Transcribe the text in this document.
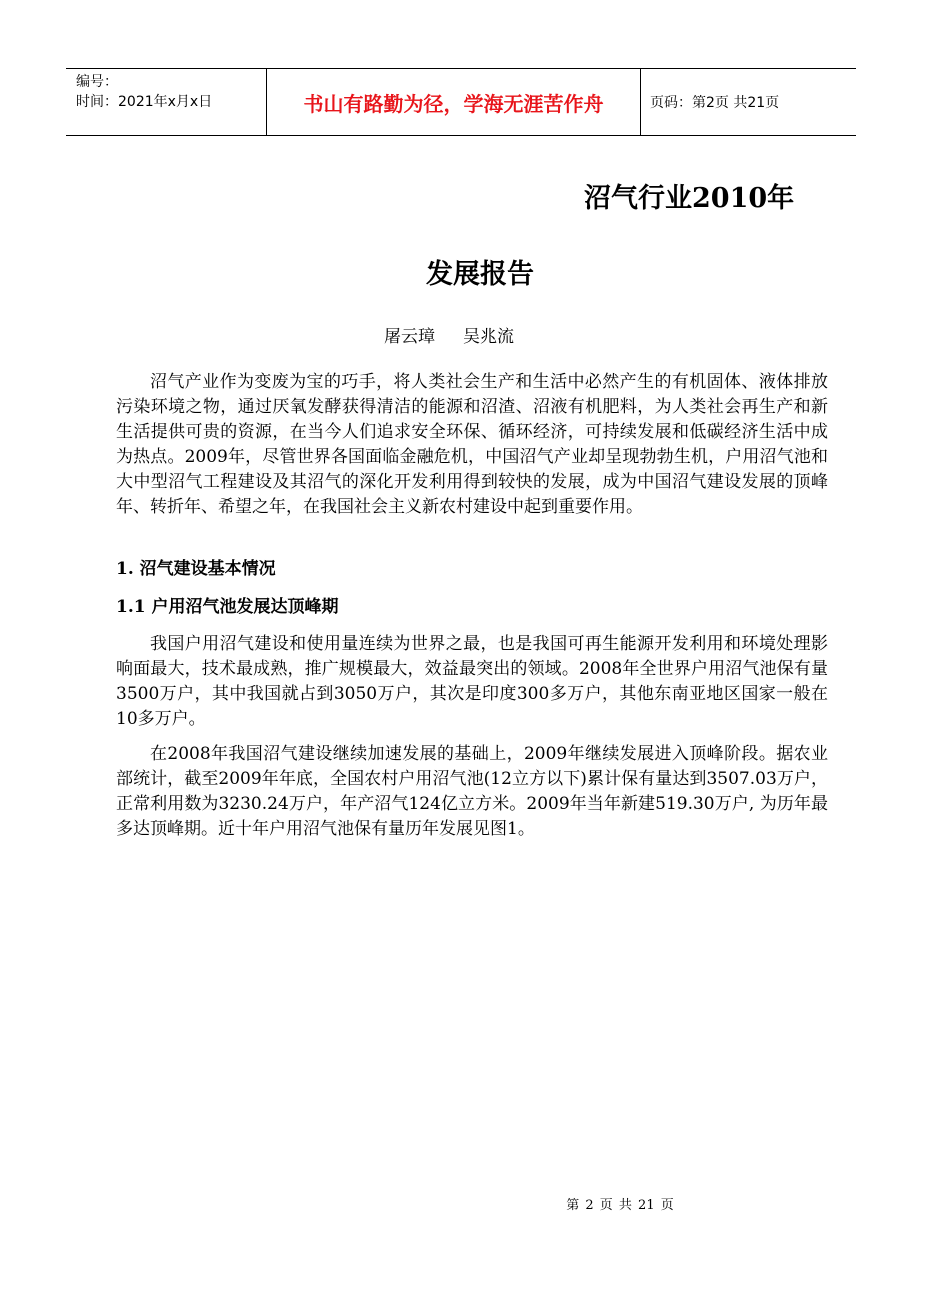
编号：
时间：2021年x月x日	书山有路勤为径，学海无涯苦作舟	页码：第2页 共21页
沼气行业2010年
发展报告
屠云璋 吴兆流

沼气产业作为变废为宝的巧手，将人类社会生产和生活中必然产生的有机固体、液体排放污染环境之物，通过厌氧发酵获得清洁的能源和沼渣、沼液有机肥料，为人类社会再生产和新生活提供可贵的资源，在当今人们追求安全环保、循环经济，可持续发展和低碳经济生活中成为热点。2009年，尽管世界各国面临金融危机，中国沼气产业却呈现勃勃生机，户用沼气池和大中型沼气工程建设及其沼气的深化开发利用得到较快的发展，成为中国沼气建设发展的顶峰年、转折年、希望之年，在我国社会主义新农村建设中起到重要作用。

1. 沼气建设基本情况

1.1 户用沼气池发展达顶峰期

我国户用沼气建设和使用量连续为世界之最，也是我国可再生能源开发利用和环境处理影响面最大，技术最成熟，推广规模最大，效益最突出的领域。2008年全世界户用沼气池保有量3500万户，其中我国就占到3050万户，其次是印度300多万户，其他东南亚地区国家一般在10多万户。

在2008年我国沼气建设继续加速发展的基础上，2009年继续发展进入顶峰阶段。据农业部统计，截至2009年年底，全国农村户用沼气池(12立方以下)累计保有量达到3507.03万户，正常利用数为3230.24万户，年产沼气124亿立方米。2009年当年新建519.30万户, 为历年最多达顶峰期。近十年户用沼气池保有量历年发展见图1。

第 2 页 共 21 页
